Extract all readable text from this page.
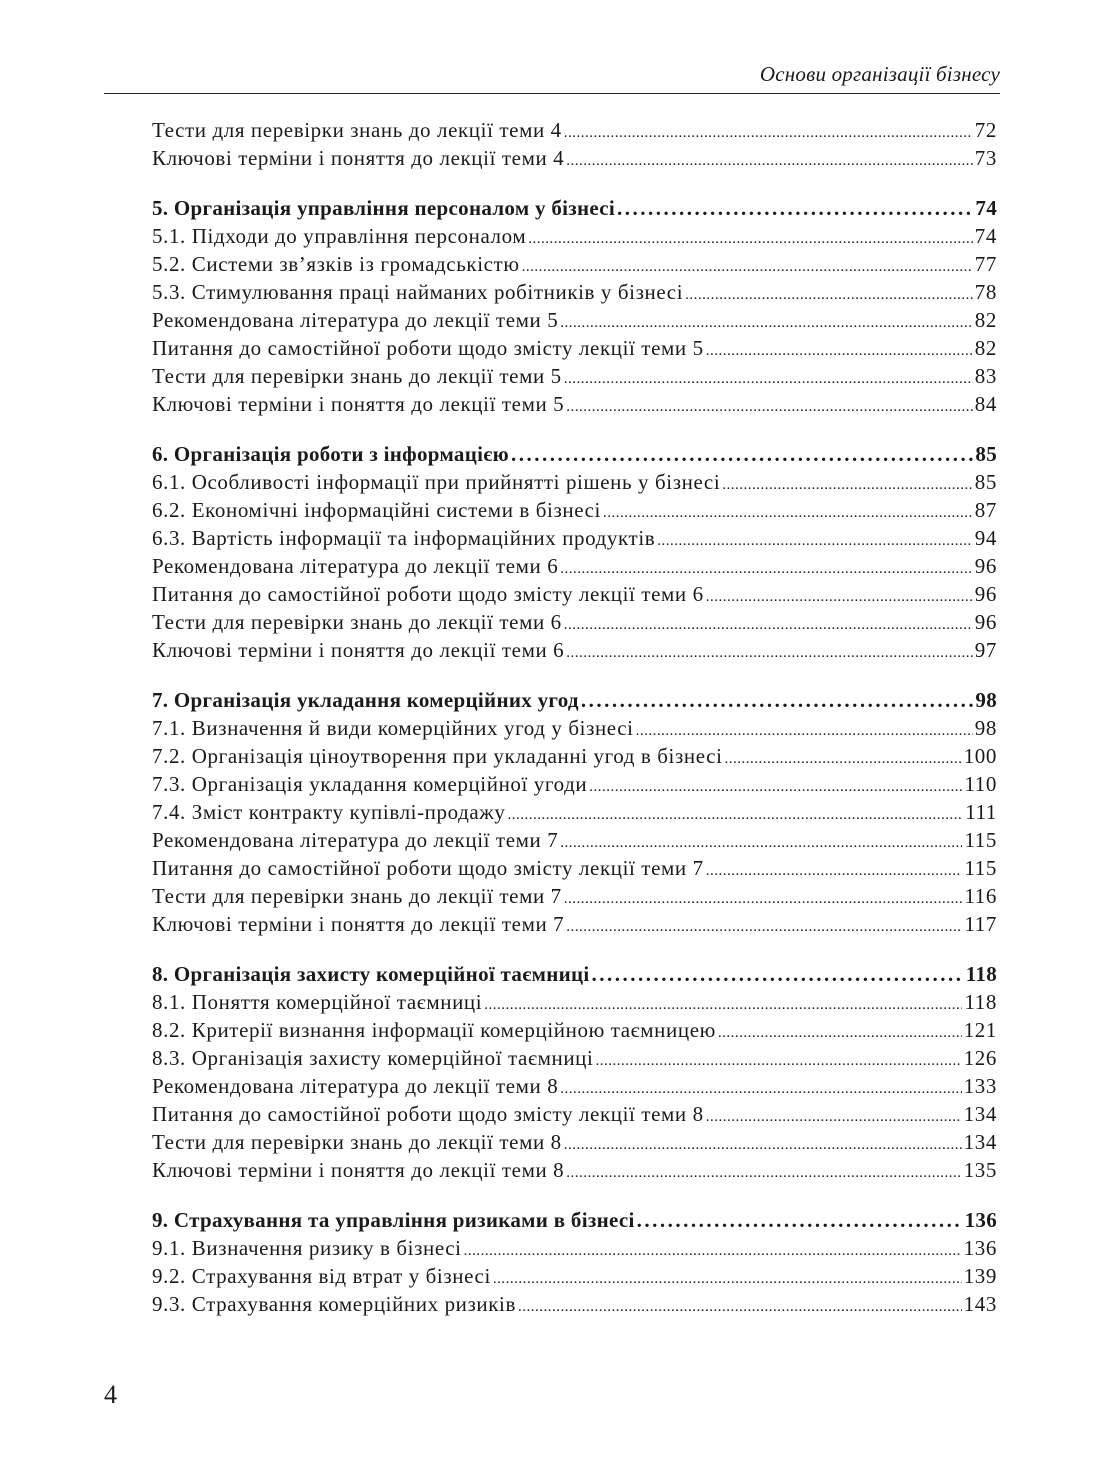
Основи організації бізнесу
Тести для перевірки знань до лекції теми 4 .....	72
Ключові терміни і поняття до лекції теми 4 .....	73
5. Організація управління персоналом у бізнесі .....	74
5.1. Підходи до управління персоналом .....	74
5.2. Системи зв’язків із громадськістю .....	77
5.3. Стимулювання праці найманих робітників у бізнесі .....	78
Рекомендована література до лекції теми 5 .....	82
Питання до самостійної роботи щодо змісту лекції теми 5 .....	82
Тести для перевірки знань до лекції теми 5 .....	83
Ключові терміни і поняття до лекції теми 5 .....	84
6. Організація роботи з інформацією .....	85
6.1. Особливості інформації при прийнятті рішень у бізнесі .....	85
6.2. Економічні інформаційні системи в бізнесі .....	87
6.3. Вартість інформації та інформаційних продуктів .....	94
Рекомендована література до лекції теми 6 .....	96
Питання до самостійної роботи щодо змісту лекції теми 6 .....	96
Тести для перевірки знань до лекції теми 6 .....	96
Ключові терміни і поняття до лекції теми 6 .....	97
7. Організація укладання комерційних угод .....	98
7.1. Визначення й види комерційних угод у бізнесі .....	98
7.2. Організація ціноутворення при укладанні угод в бізнесі .....	100
7.3. Організація укладання комерційної угоди .....	110
7.4. Зміст контракту купівлі-продажу .....	111
Рекомендована література до лекції теми 7 .....	115
Питання до самостійної роботи щодо змісту лекції теми 7 .....	115
Тести для перевірки знань до лекції теми 7 .....	116
Ключові терміни і поняття до лекції теми 7 .....	117
8. Організація захисту комерційної таємниці .....	118
8.1. Поняття комерційної таємниці .....	118
8.2. Критерії визнання інформації комерційною таємницею .....	121
8.3. Організація захисту комерційної таємниці .....	126
Рекомендована література до лекції теми 8 .....	133
Питання до самостійної роботи щодо змісту лекції теми 8 .....	134
Тести для перевірки знань до лекції теми 8 .....	134
Ключові терміни і поняття до лекції теми 8 .....	135
9. Страхування та управління ризиками в бізнесі .....	136
9.1. Визначення ризику в бізнесі .....	136
9.2. Страхування від втрат у бізнесі .....	139
9.3. Страхування комерційних ризиків .....	143
4
